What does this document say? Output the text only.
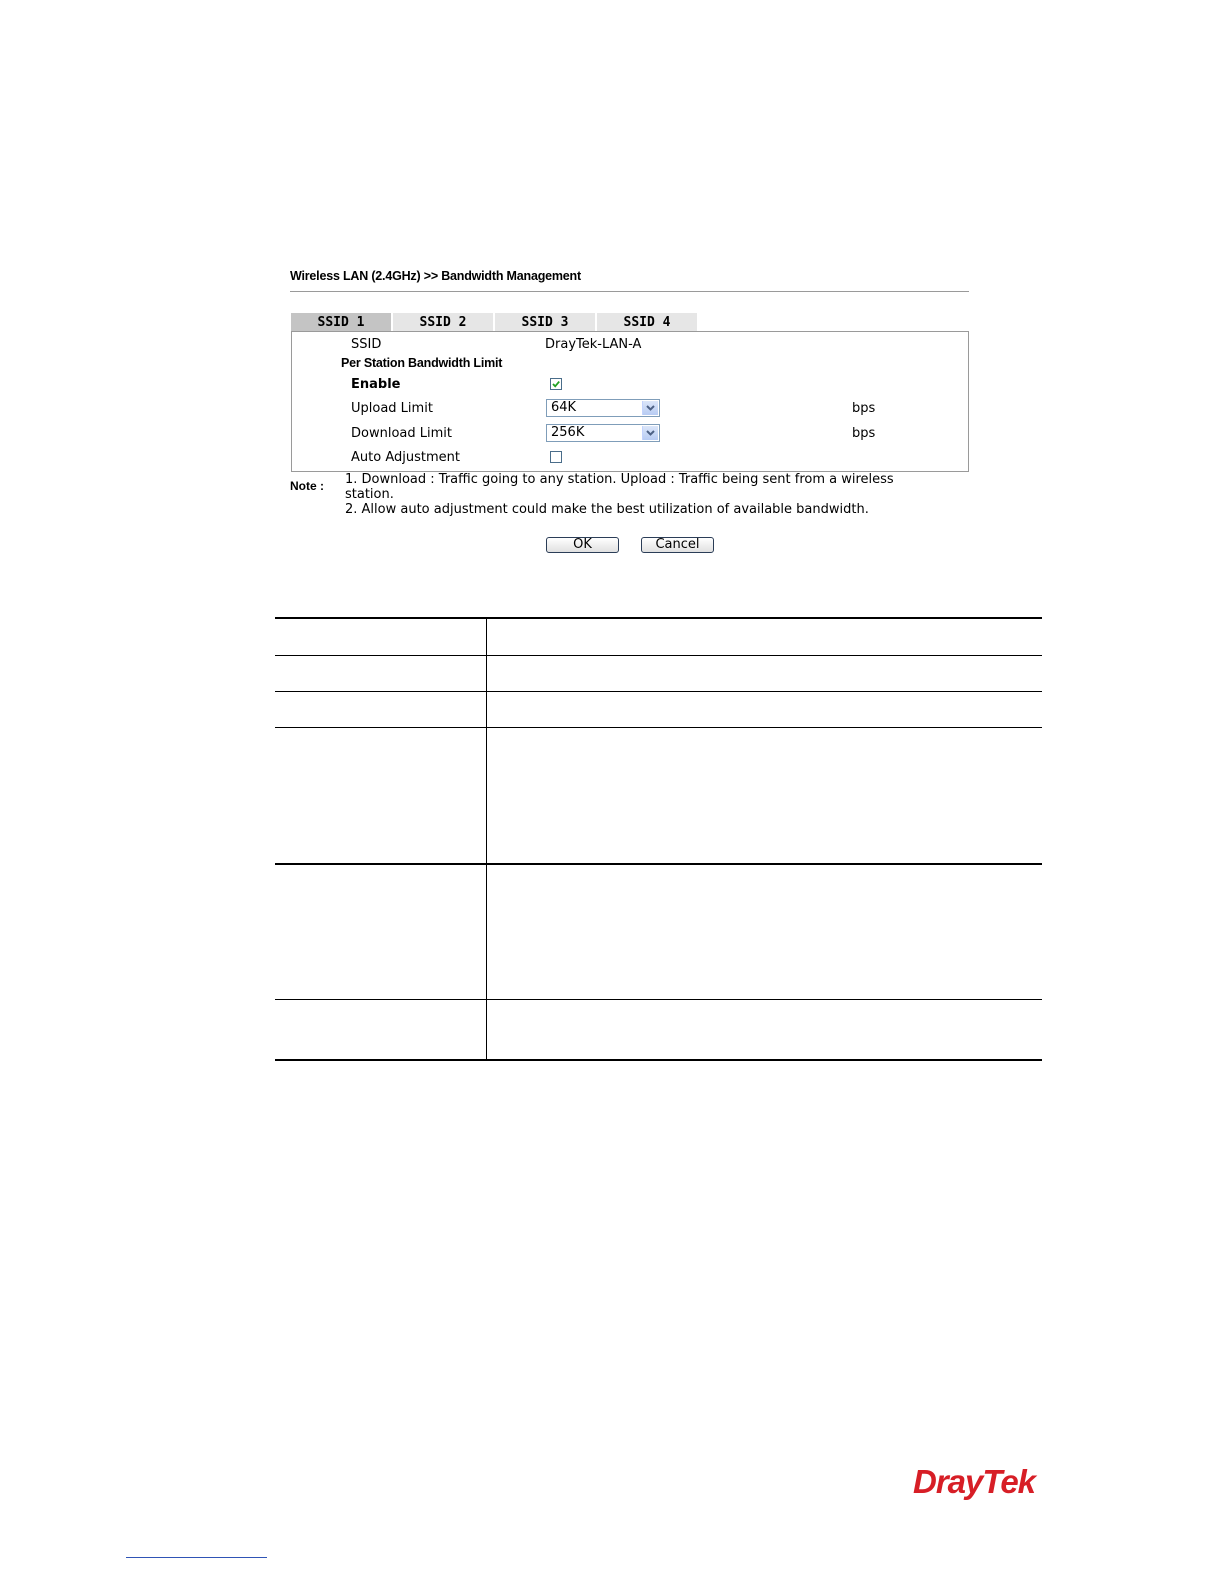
Wireless LAN (2.4GHz) >> Bandwidth Management
SSID 1	SSID 2	SSID 3	SSID 4
SSID	DrayTek-LAN-A
Per Station Bandwidth Limit
Enable
Upload Limit	64K	bps
Download Limit	256K	bps
Auto Adjustment
Note : 1. Download : Traffic going to any station. Upload : Traffic being sent from a wireless
station.
2. Allow auto adjustment could make the best utilization of available bandwidth.
OK	Cancel
DrayTek
